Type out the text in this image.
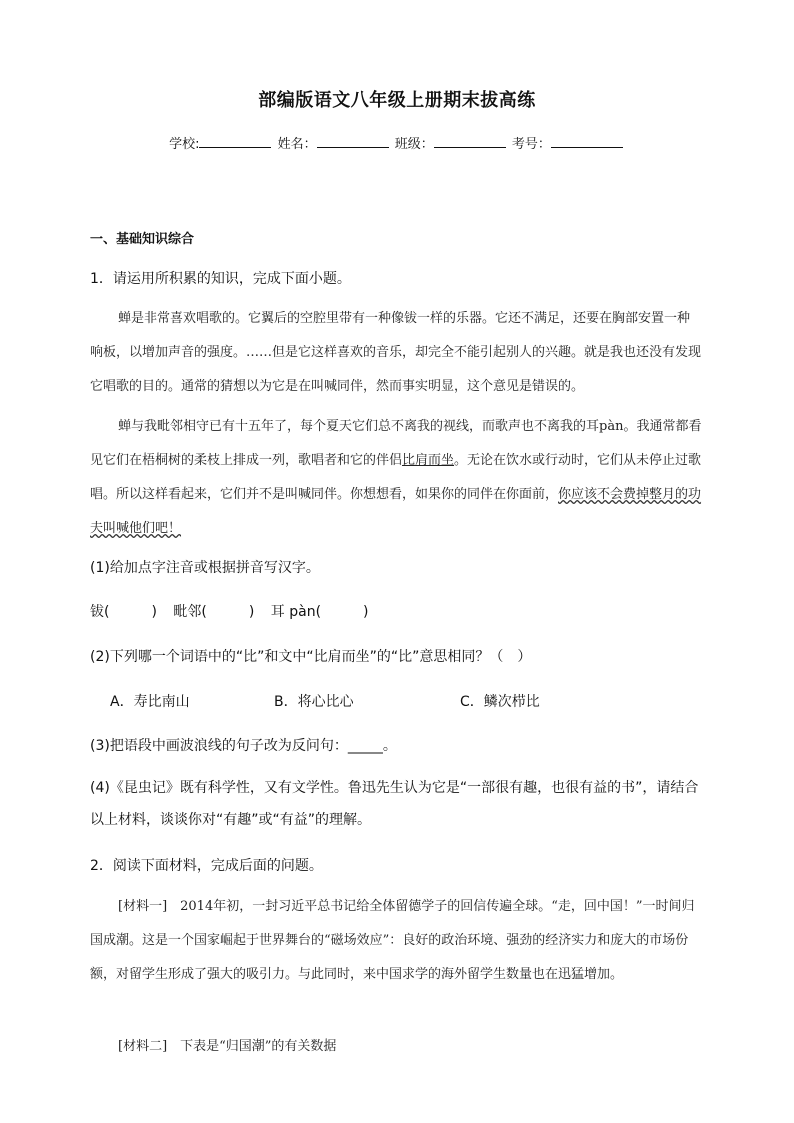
部编版语文八年级上册期末拔高练
学校:	姓名：	班级：	考号：
一、基础知识综合
1．请运用所积累的知识，完成下面小题。
蝉是非常喜欢唱歌的。它翼后的空腔里带有一种像钹一样的乐器。它还不满足，还要在胸部安置一种响板，以增加声音的强度。……但是它这样喜欢的音乐，却完全不能引起别人的兴趣。就是我也还没有发现它唱歌的目的。通常的猜想以为它是在叫喊同伴，然而事实明显，这个意见是错误的。
蝉与我毗邻相守已有十五年了，每个夏天它们总不离我的视线，而歌声也不离我的耳pàn。我通常都看见它们在梧桐树的柔枝上排成一列，歌唱者和它的伴侣比肩而坐。无论在饮水或行动时，它们从未停止过歌唱。所以这样看起来，它们并不是叫喊同伴。你想想看，如果你的同伴在你面前，你应该不会费掉整月的功夫叫喊他们吧！
(1)给加点字注音或根据拼音写汉字。
钹(　　　) 毗邻(　　　) 耳 pàn(　　　)
(2)下列哪一个词语中的“比”和文中“比肩而坐”的“比”意思相同？（　）
A．寿比南山	B．将心比心	C．鳞次栉比
(3)把语段中画波浪线的句子改为反问句：_____。
(4)《昆虫记》既有科学性，又有文学性。鲁迅先生认为它是“一部很有趣，也很有益的书”，请结合以上材料，谈谈你对“有趣”或“有益”的理解。
2．阅读下面材料，完成后面的问题。
[材料一]　2014年初，一封习近平总书记给全体留德学子的回信传遍全球。“走，回中国！”一时间归国成潮。这是一个国家崛起于世界舞台的“磁场效应”：良好的政治环境、强劲的经济实力和庞大的市场份额，对留学生形成了强大的吸引力。与此同时，来中国求学的海外留学生数量也在迅猛增加。
[材料二]　下表是“归国潮”的有关数据
